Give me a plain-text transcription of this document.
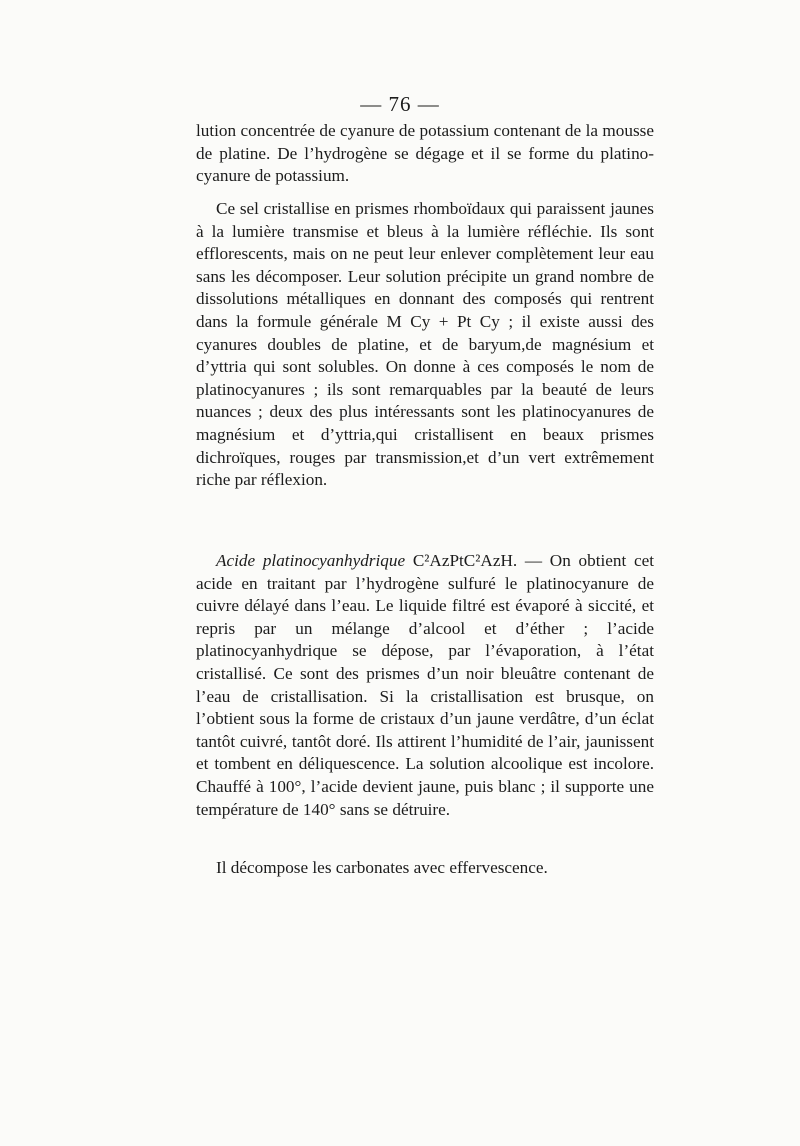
— 76 —

lution concentrée de cyanure de potassium contenant de la mousse de platine. De l’hydrogène se dégage et il se forme du platino-cyanure de potassium.

Ce sel cristallise en prismes rhomboïdaux qui paraissent jaunes à la lumière transmise et bleus à la lumière réfléchie. Ils sont efflorescents, mais on ne peut leur enlever complètement leur eau sans les décomposer. Leur solution précipite un grand nombre de dissolutions métalliques en donnant des composés qui rentrent dans la formule générale M Cy + Pt Cy ; il existe aussi des cyanures doubles de platine, et de baryum,de magnésium et d’yttria qui sont solubles. On donne à ces composés le nom de platinocyanures ; ils sont remarquables par la beauté de leurs nuances ; deux des plus intéressants sont les platinocyanures de magnésium et d’yttria,qui cristallisent en beaux prismes dichroïques, rouges par transmission,et d’un vert extrêmement riche par réflexion.

Acide platinocyanhydrique C²AzPtC²AzH. — On obtient cet acide en traitant par l’hydrogène sulfuré le platinocyanure de cuivre délayé dans l’eau. Le liquide filtré est évaporé à siccité, et repris par un mélange d’alcool et d’éther ; l’acide platinocyanhydrique se dépose, par l’évaporation, à l’état cristallisé. Ce sont des prismes d’un noir bleuâtre contenant de l’eau de cristallisation. Si la cristallisation est brusque, on l’obtient sous la forme de cristaux d’un jaune verdâtre, d’un éclat tantôt cuivré, tantôt doré. Ils attirent l’humidité de l’air, jaunissent et tombent en déliquescence. La solution alcoolique est incolore. Chauffé à 100°, l’acide devient jaune, puis blanc ; il supporte une température de 140° sans se détruire.

Il décompose les carbonates avec effervescence.
